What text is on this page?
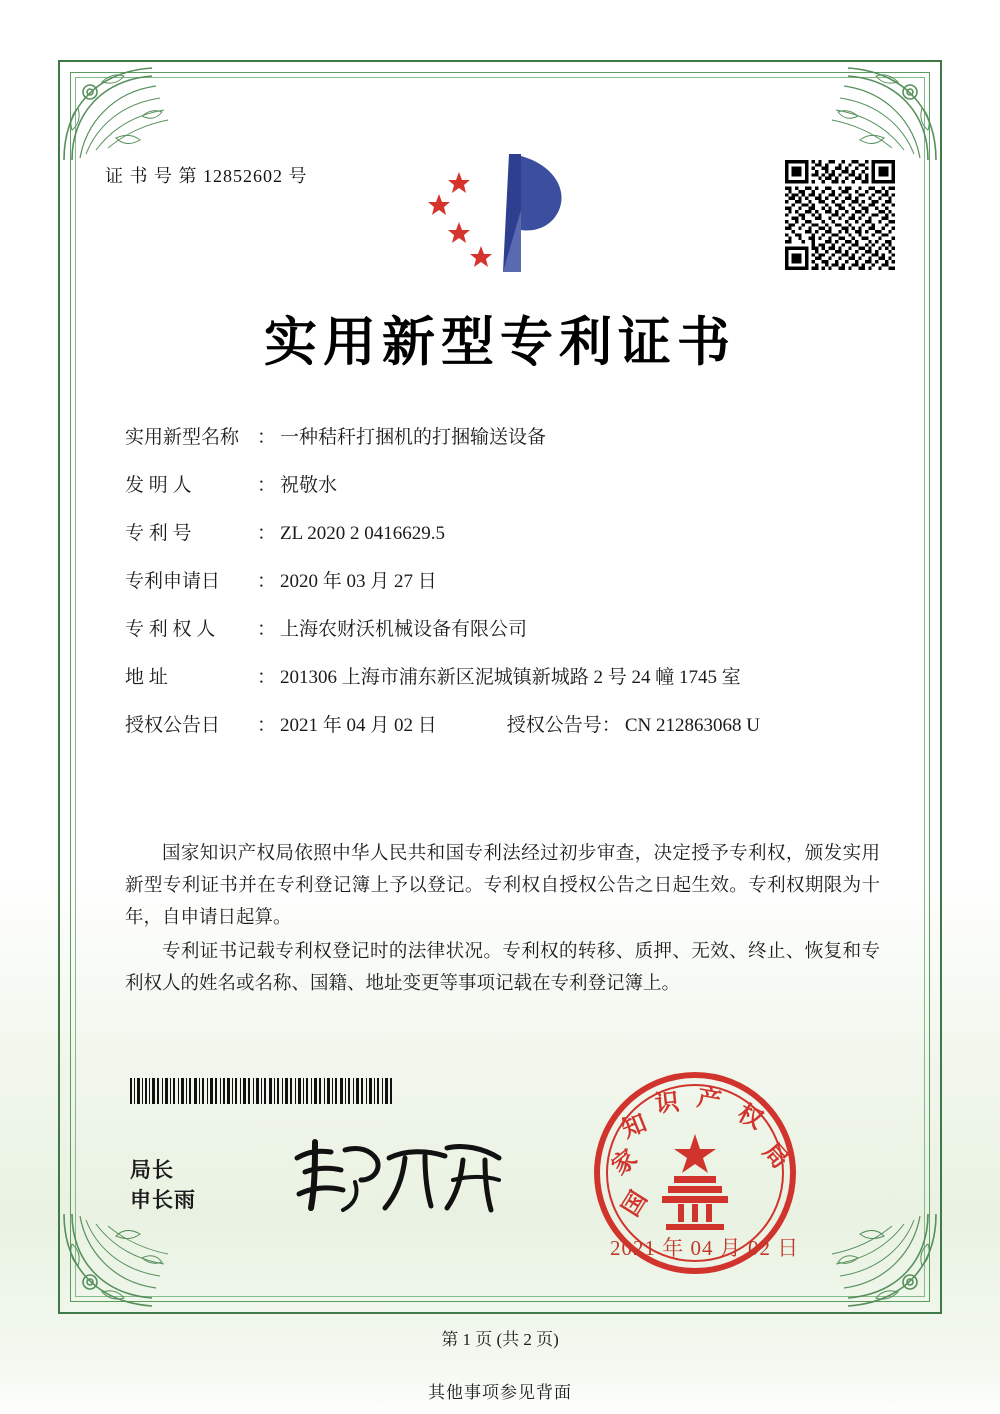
证 书 号 第 12852602 号
实用新型专利证书
实用新型名称 ： 一种秸秆打捆机的打捆输送设备
发 明 人	： 祝敬水
专 利 号	： ZL 2020 2 0416629.5
专利申请日	： 2020 年 03 月 27 日
专 利 权 人	： 上海农财沃机械设备有限公司
地 址	： 201306 上海市浦东新区泥城镇新城路 2 号 24 幢 1745 室
授权公告日	： 2021 年 04 月 02 日	授权公告号 ： CN 212863068 U

国家知识产权局依照中华人民共和国专利法经过初步审查，决定授予专利权，颁发实用新型专利证书并在专利登记簿上予以登记。专利权自授权公告之日起生效。专利权期限为十年，自申请日起算。

专利证书记载专利权登记时的法律状况。专利权的转移、质押、无效、终止、恢复和专利权人的姓名或名称、国籍、地址变更等事项记载在专利登记簿上。

局长
申长雨	国
家
知
识 产 权
局
2021 年 04 月 02 日
第 1 页 (共 2 页)
其他事项参见背面
